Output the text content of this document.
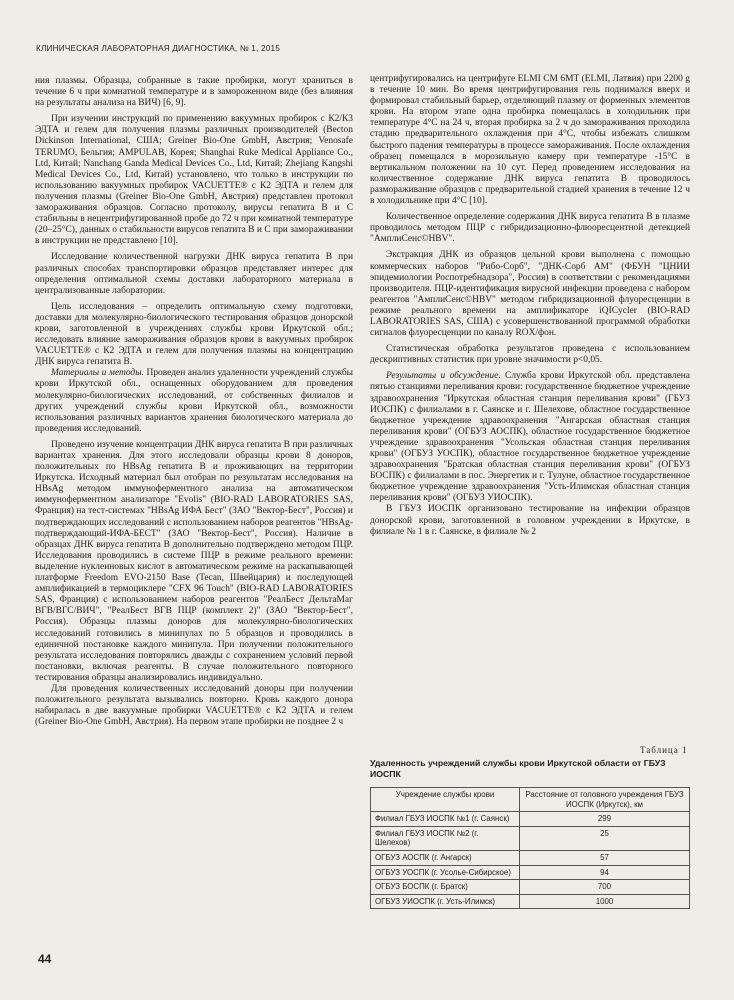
КЛИНИЧЕСКАЯ ЛАБОРАТОРНАЯ ДИАГНОСТИКА, № 1, 2015

ния плазмы. Образцы, собранные в такие пробирки, могут храниться в течение 6 ч при комнатной температуре и в замороженном виде (без влияния на результаты анализа на ВИЧ) [6, 9].

При изучении инструкций по применению вакуумных пробирок с К2/К3 ЭДТА и гелем для получения плазмы различных производителей (Becton Dickinson International, США; Greiner Bio-One GmbH, Австрия; Venosafe TERUMO, Бельгия; AMPULAB, Корея; Shanghai Ruke Medical Appliance Co., Ltd, Китай; Nanchang Ganda Medical Devices Co., Ltd, Китай; Zhejiang Kangshi Medical Devices Co., Ltd, Китай) установлено, что только в инструкции по использованию вакуумных пробирок VACUETTE® с К2 ЭДТА и гелем для получения плазмы (Greiner Bio-One GmbH, Австрия) представлен протокол замораживания образцов. Согласно протоколу, вирусы гепатита В и С стабильны в нецентрифугированной пробе до 72 ч при комнатной температуре (20–25°С), данных о стабильности вирусов гепатита В и С при замораживании в инструкции не представлено [10].

Исследование количественной нагрузки ДНК вируса гепатита В при различных способах транспортировки образцов представляет интерес для определения оптимальной схемы доставки лабораторного материала в централизованные лаборатории.

Цель исследования – определить оптимальную схему подготовки, доставки для молекулярно-биологического тестирования образцов донорской крови, заготовленной в учреждениях службы крови Иркутской обл.; исследовать влияние замораживания образцов крови в вакуумных пробирок VACUETTE® с К2 ЭДТА и гелем для получения плазмы на концентрацию ДНК вируса гепатита В.

Материалы и методы. Проведен анализ удаленности учреждений службы крови Иркутской обл., оснащенных оборудованием для проведения молекулярно-биологических исследований, от собственных филиалов и других учреждений службы крови Иркутской обл., возможности использования различных вариантов хранения биологического материала до проведения исследований.

Проведено изучение концентрации ДНК вируса гепатита В при различных вариантах хранения. Для этого исследовали образцы крови 8 доноров, положительных по HBsAg гепатита В и проживающих на территории Иркутска. Исходный материал был отобран по результатам исследования на HBsAg методом иммуноферментного анализа на автоматическом иммуноферментном анализаторе "Evolis" (BIO-RAD LABORATORIES SAS, Франция) на тест-системах "HBsAg ИФА Бест" (ЗАО "Вектор-Бест", Россия) и подтверждающих исследований с использованием наборов реагентов "HBsAg-подтверждающий-ИФА-БЕСТ" (ЗАО "Вектор-Бест", Россия). Наличие в образцах ДНК вируса гепатита В дополнительно подтверждено методом ПЦР. Исследования проводились в системе ПЦР в режиме реального времени: выделение нуклеиновых кислот в автоматическом режиме на раскапывающей платформе Freedom EVO-2150 Base (Tecan, Швейцария) и последующей амплификацией в термоциклере "CFX 96 Touch" (BIO-RAD LABORATORIES SAS, Франция) с использованием наборов реагентов "РеалБест ДельтаМаг ВГВ/ВГС/ВИЧ", "РеалБест ВГВ ПЦР (комплект 2)" (ЗАО "Вектор-Бест", Россия). Образцы плазмы доноров для молекулярно-биологических исследований готовились в минипулах по 5 образцов и проводились в единичной постановке каждого минипула. При получении положительного результата исследования повторялись дважды с сохранением условий первой постановки, включая реагенты. В случае положительного повторного тестирования образцы анализировались индивидуально.

Для проведения количественных исследований доноры при получении положительного результата вызывались повторно. Кровь каждого донора набиралась в две вакуумные пробирки VACUETTE® с К2 ЭДТА и гелем (Greiner Bio-One GmbH, Австрия). На первом этапе пробирки не позднее 2 ч

центрифугировались на центрифуге ELMI CM 6MT (ELMI, Латвия) при 2200 g в течение 10 мин. Во время центрифугирования гель поднимался вверх и формировал стабильный барьер, отделяющий плазму от форменных элементов крови. На втором этапе одна пробирка помещалась в холодильник при температуре 4°С на 24 ч, вторая пробирка за 2 ч до замораживания проходила стадию предварительного охлаждения при 4°С, чтобы избежать слишком быстрого падения температуры в процессе замораживания. После охлаждения образец помещался в морозильную камеру при температуре -15°С в вертикальном положении на 10 сут. Перед проведением исследования на количественное содержание ДНК вируса гепатита В проводилось размораживание образцов с предварительной стадией хранения в течение 12 ч в холодильнике при 4°С [10].

Количественное определение содержания ДНК вируса гепатита В в плазме проводилось методом ПЦР с гибридизационно-флюоресцентной детекцией "АмплиСенс©HBV".

Экстракция ДНК из образцов цельной крови выполнена с помощью коммерческих наборов "Рибо-Сорб", "ДНК-Сорб АМ" (ФБУН "ЦНИИ эпидемиологии Роспотребнадзора", Россия) в соответствии с рекомендациями производителя. ПЦР-идентификация вирусной инфекции проведена с набором реагентов "АмплиСенс©HBV" методом гибридизационной флуоресценции в режиме реального времени на амплификаторе iQICycler (BIO-RAD LABORATORIES SAS, США) с усовершенствованной программой обработки сигналов флуоресценции по каналу ROX/фон.

Статистическая обработка результатов проведена с использованием дескриптивных статистик при уровне значимости p<0,05.

Результаты и обсуждение. Служба крови Иркутской обл. представлена пятью станциями переливания крови: государственное бюджетное учреждение здравоохранения "Иркутская областная станция переливания крови" (ГБУЗ ИОСПК) с филиалами в г. Саянске и г. Шелехове, областное государственное бюджетное учреждение здравоохранения "Ангарская областная станция переливания крови" (ОГБУЗ АОСПК), областное государственное бюджетное учреждение здравоохранения "Усольская областная станция переливания крови" (ОГБУЗ УОСПК), областное государственное бюджетное учреждение здравоохранения "Братская областная станция переливания крови" (ОГБУЗ БОСПК) с филиалами в пос. Энергетик и г. Тулуне, областное государственное бюджетное учреждение здравоохранения "Усть-Илимская областная станция переливания крови" (ОГБУЗ УИОСПК).

В ГБУЗ ИОСПК организовано тестирование на инфекции образцов донорской крови, заготовленной в головном учреждении в Иркутске, в филиале № 1 в г. Саянске, в филиале № 2

Таблица 1
Удаленность учреждений службы крови Иркутской области от ГБУЗ ИОСПК
Учреждение службы крови	Расстояние от головного учреждения ГБУЗ ИОСПК (Иркутск), км
Филиал ГБУЗ ИОСПК №1 (г. Саянск)	299
Филиал ГБУЗ ИОСПК №2 (г. Шелехов)	25
ОГБУЗ АОСПК (г. Ангарск)	57
ОГБУЗ УОСПК (г. Усолье-Сибирское)	94
ОГБУЗ БОСПК (г. Братск)	700
ОГБУЗ УИОСПК (г. Усть-Илимск)	1000
44
